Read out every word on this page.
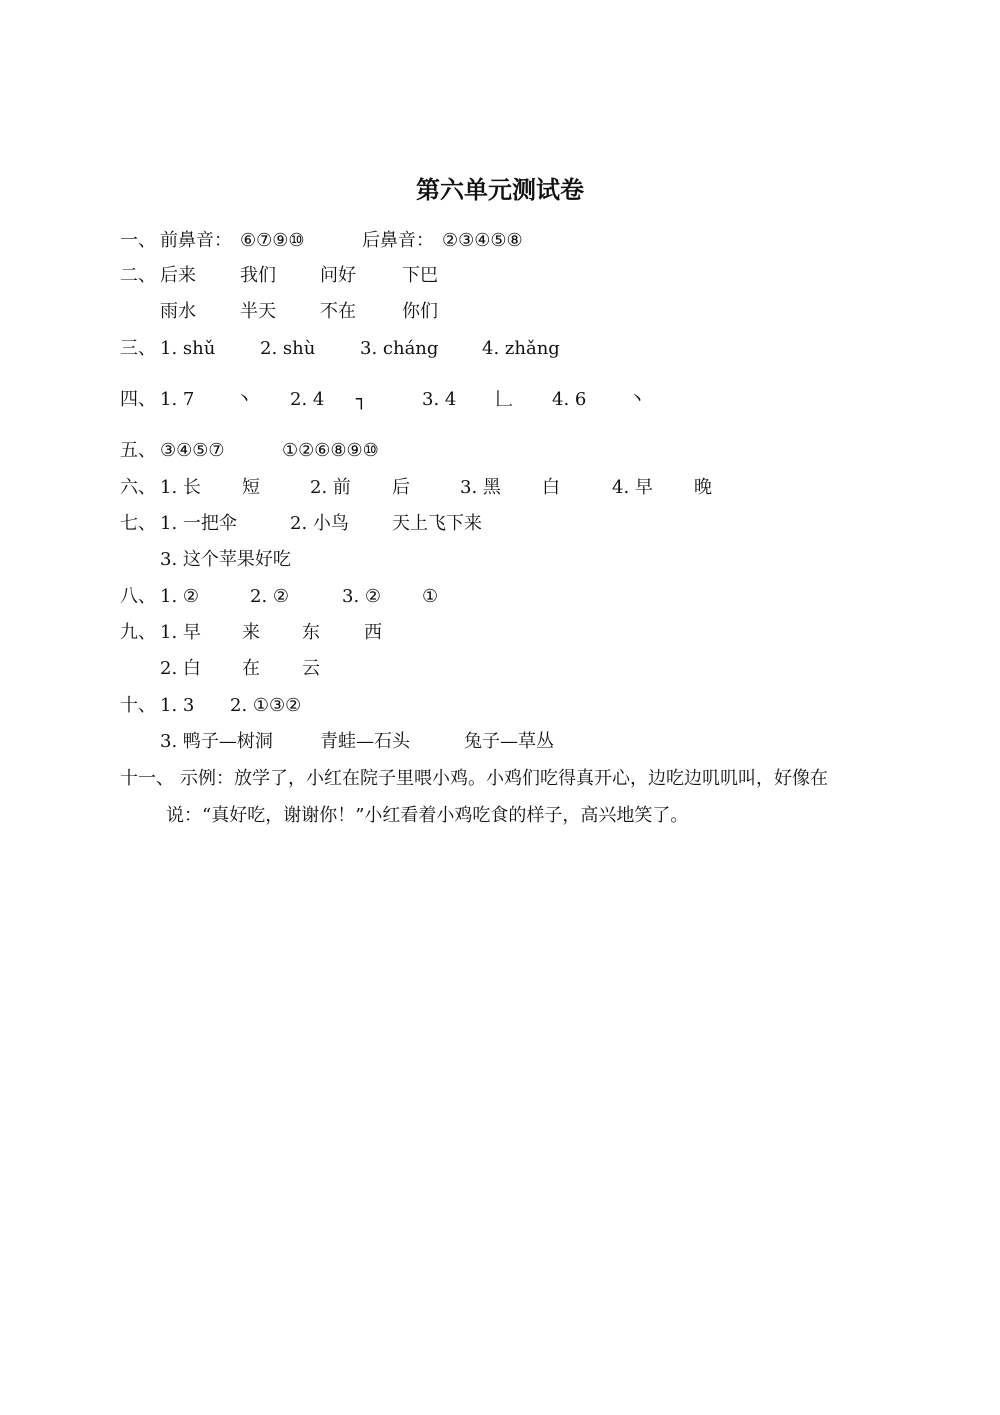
第六单元测试卷
一、 前鼻音： ⑥⑦⑨⑩	后鼻音： ②③④⑤⑧
二、 后来 我们 问好	下巴
雨水 半天 不在	你们
三、 1. shǔ 2. shù 3. cháng 4. zhǎng
四、 1. 7 丶 2. 4 ┐	3. 4 𠃊 4. 6 丶
五、 ③④⑤⑦	①②⑥⑧⑨⑩
六、 1. 长 短	2. 前 后	3. 黑 白	4. 早 晚
七、 1. 一把伞	2. 小鸟 天上飞下来
3. 这个苹果好吃
八、 1. ②	2. ②	3. ② ①
九、 1. 早 来 东 西
2. 白 在 云
十、 1. 3 2. ①③②
3. 鸭子—树洞	青蛙—石头	兔子—草丛
十一、 示例：放学了，小红在院子里喂小鸡。小鸡们吃得真开心，边吃边叽叽叫，好像在
说：“真好吃，谢谢你！”小红看着小鸡吃食的样子，高兴地笑了。
